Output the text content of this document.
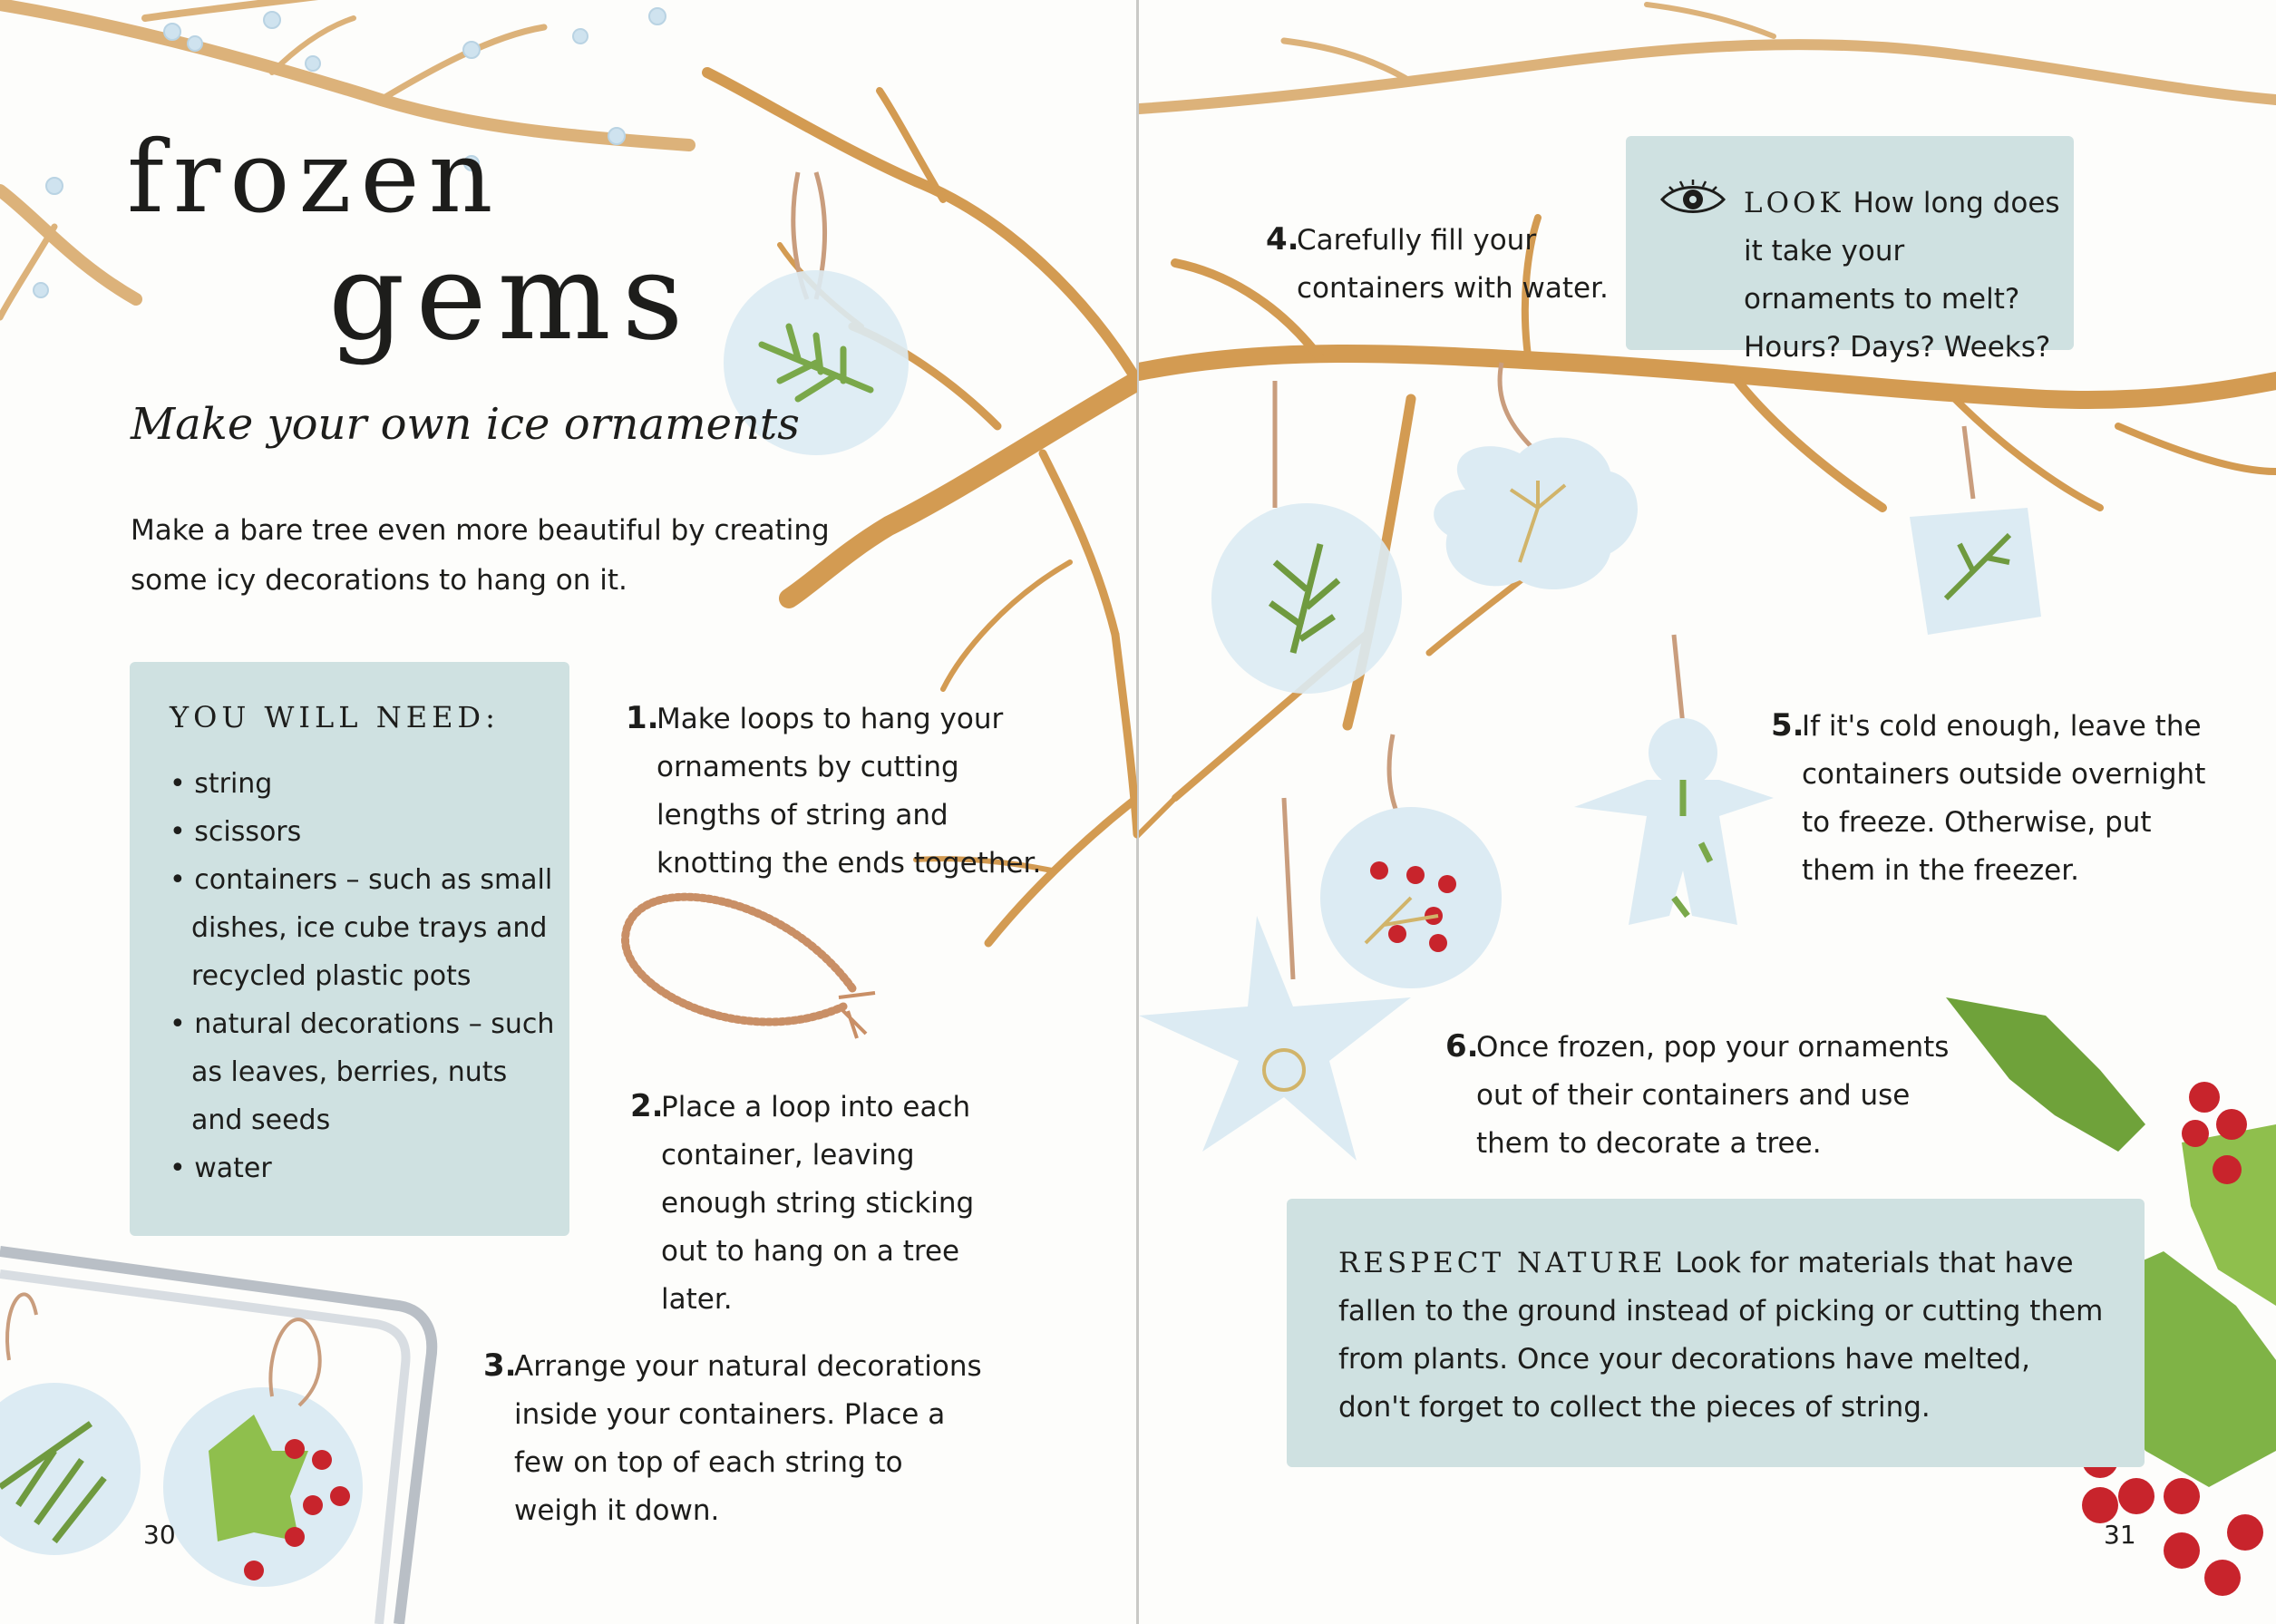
frozen
gems
Make your own ice ornaments
Make a bare tree even more beautiful by creating some icy decorations to hang on it.
YOU WILL NEED:
• string
• scissors
• containers – such as small dishes, ice cube trays and recycled plastic pots
• natural decorations – such as leaves, berries, nuts and seeds
• water
1.
Make loops to hang your ornaments by cutting lengths of string and knotting the ends together.
2.
Place a loop into each container, leaving enough string sticking out to hang on a tree later.
3.
Arrange your natural decorations inside your containers. Place a few on top of each string to weigh it down.
30
4.
Carefully fill your containers with water.
LOOK How long does it take your ornaments to melt? Hours? Days? Weeks?
5.
If it's cold enough, leave the containers outside overnight to freeze. Otherwise, put them in the freezer.
6.
Once frozen, pop your ornaments out of their containers and use them to decorate a tree.
RESPECT NATURE Look for materials that have fallen to the ground instead of picking or cutting them from plants. Once your decorations have melted, don't forget to collect the pieces of string.
31
